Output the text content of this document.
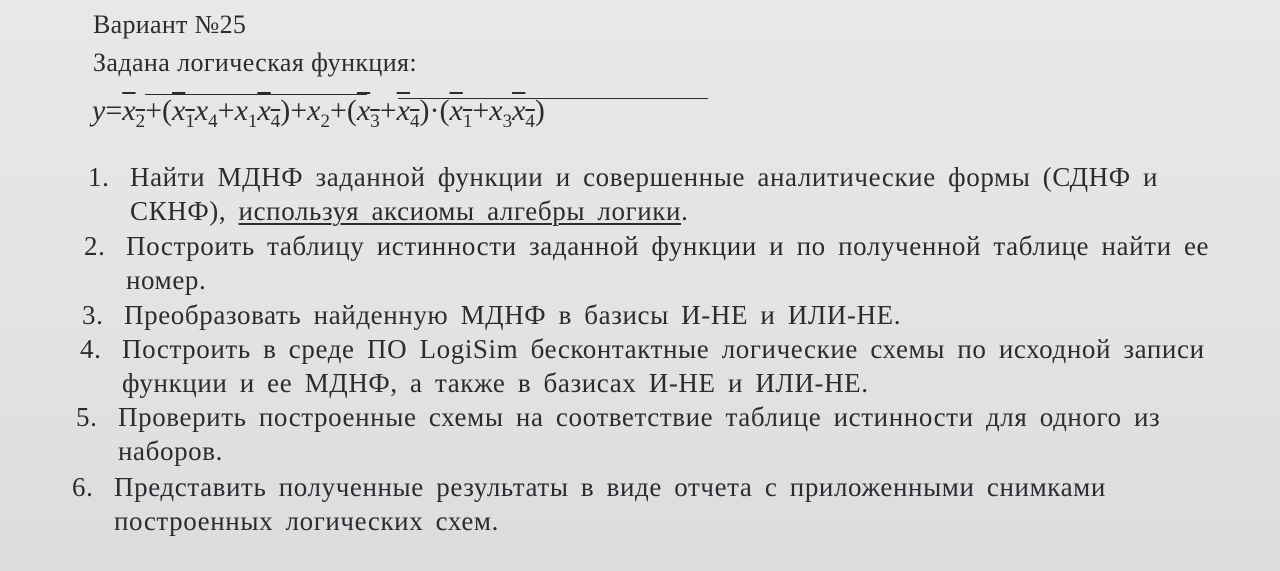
Вариант №25
Задана логическая функция:
$y=x_2+(x_1x_4+x_1x_4)+x_2+(x_3+x_4)\cdot(x_1+x_3x_4)$
1. Найти МДНФ заданной функции и совершенные аналитические формы (СДНФ и
СКНФ), используя аксиомы алгебры логики.
2. Построить таблицу истинности заданной функции и по полученной таблице найти ее
номер.
3. Преобразовать найденную МДНФ в базисы И-НЕ и ИЛИ-НЕ.
4. Построить в среде ПО LogiSim бесконтактные логические схемы по исходной записи
функции и ее МДНФ, а также в базисах И-НЕ и ИЛИ-НЕ.
5. Проверить построенные схемы на соответствие таблице истинности для одного из
наборов.
6. Представить полученные результаты в виде отчета с приложенными снимками
построенных логических схем.
